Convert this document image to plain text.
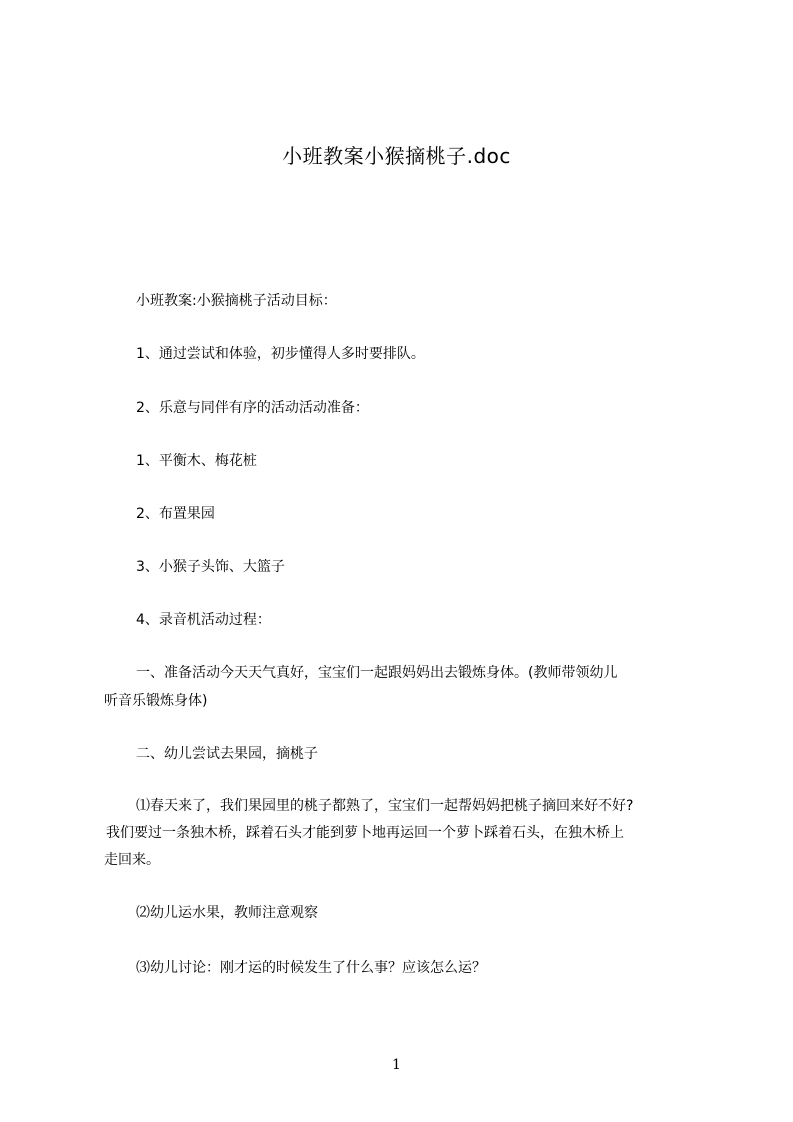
小班教案小猴摘桃子.doc
小班教案:小猴摘桃子活动目标：
1、通过尝试和体验，初步懂得人多时要排队。
2、乐意与同伴有序的活动活动准备：
1、平衡木、梅花桩
2、布置果园
3、小猴子头饰、大篮子
4、录音机活动过程：
一、准备活动今天天气真好，宝宝们一起跟妈妈出去锻炼身体。(教师带领幼儿
听音乐锻炼身体)
二、幼儿尝试去果园，摘桃子
⑴春天来了，我们果园里的桃子都熟了，宝宝们一起帮妈妈把桃子摘回来好不好?
我们要过一条独木桥，踩着石头才能到萝卜地再运回一个萝卜踩着石头，在独木桥上
走回来。
⑵幼儿运水果，教师注意观察
⑶幼儿讨论：刚才运的时候发生了什么事？应该怎么运？
1
